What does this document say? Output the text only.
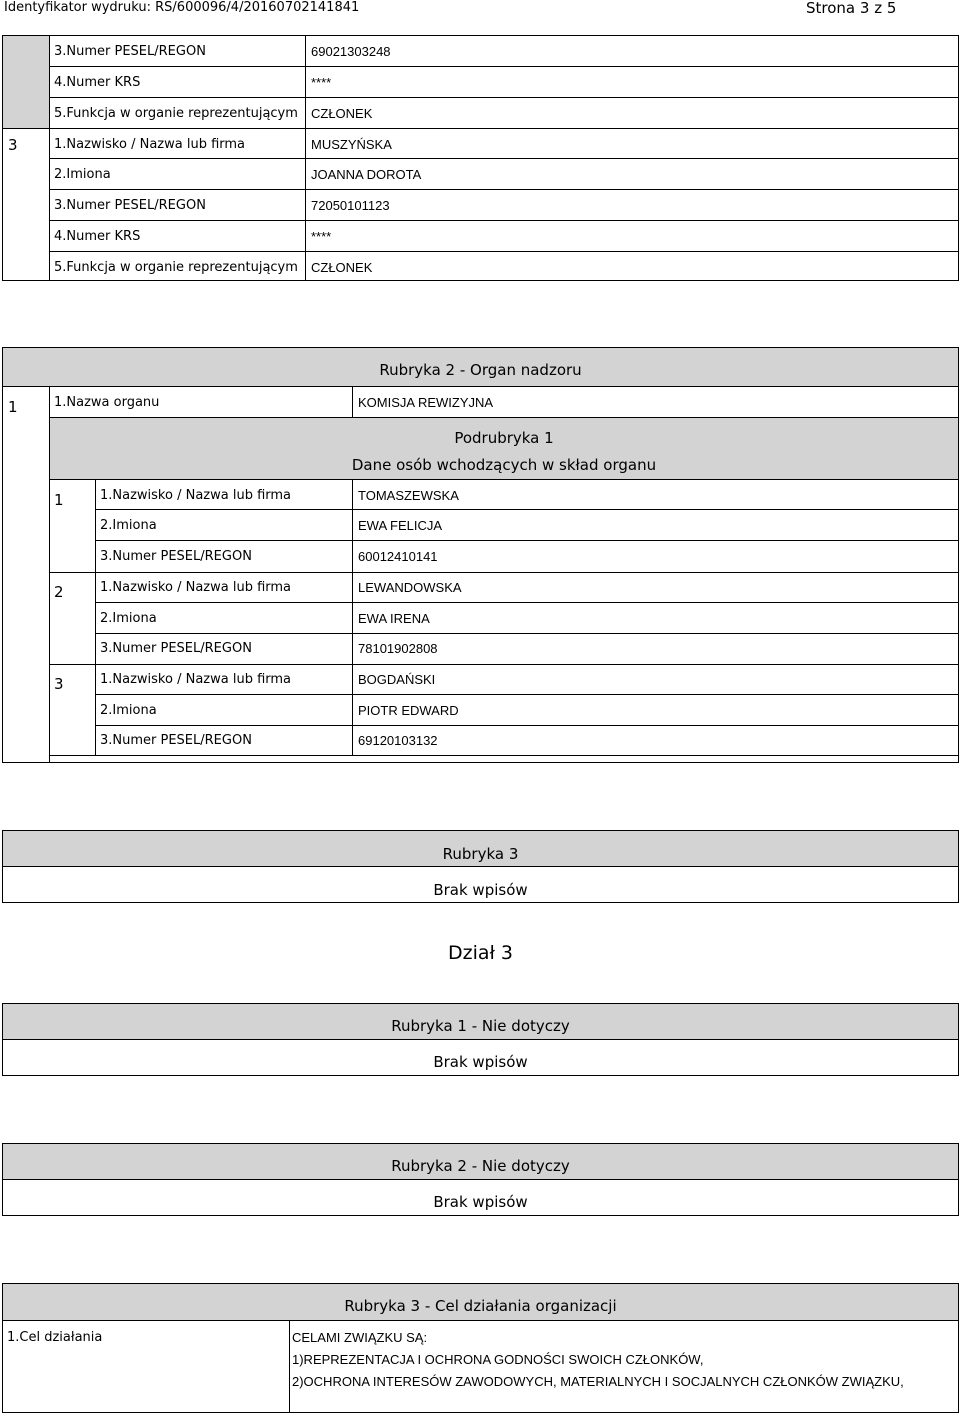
Identyfikator wydruku: RS/600096/4/20160702141841	Strona 3 z 5
3.Numer PESEL/REGON	69021303248
4.Numer KRS	****
5.Funkcja w organie reprezentującym CZŁONEK
3	1.Nazwisko / Nazwa lub firma	MUSZYŃSKA
2.Imiona	JOANNA DOROTA
3.Numer PESEL/REGON	72050101123
4.Numer KRS	****
5.Funkcja w organie reprezentującym CZŁONEK
Rubryka 2 - Organ nadzoru
1	1.Nazwa organu	KOMISJA REWIZYJNA
Podrubryka 1
Dane osób wchodzących w skład organu
1	1.Nazwisko / Nazwa lub firma	TOMASZEWSKA
2.Imiona	EWA FELICJA
3.Numer PESEL/REGON	60012410141
2	1.Nazwisko / Nazwa lub firma	LEWANDOWSKA
2.Imiona	EWA IRENA
3.Numer PESEL/REGON	78101902808
3	1.Nazwisko / Nazwa lub firma	BOGDAŃSKI
2.Imiona	PIOTR EDWARD
3.Numer PESEL/REGON	69120103132
Rubryka 3
Brak wpisów
Dział 3
Rubryka 1 - Nie dotyczy
Brak wpisów
Rubryka 2 - Nie dotyczy
Brak wpisów
Rubryka 3 - Cel działania organizacji
1.Cel działania	CELAMI ZWIĄZKU SĄ:
1)REPREZENTACJA I OCHRONA GODNOŚCI SWOICH CZŁONKÓW,
2)OCHRONA INTERESÓW ZAWODOWYCH, MATERIALNYCH I SOCJALNYCH CZŁONKÓW ZWIĄZKU,
